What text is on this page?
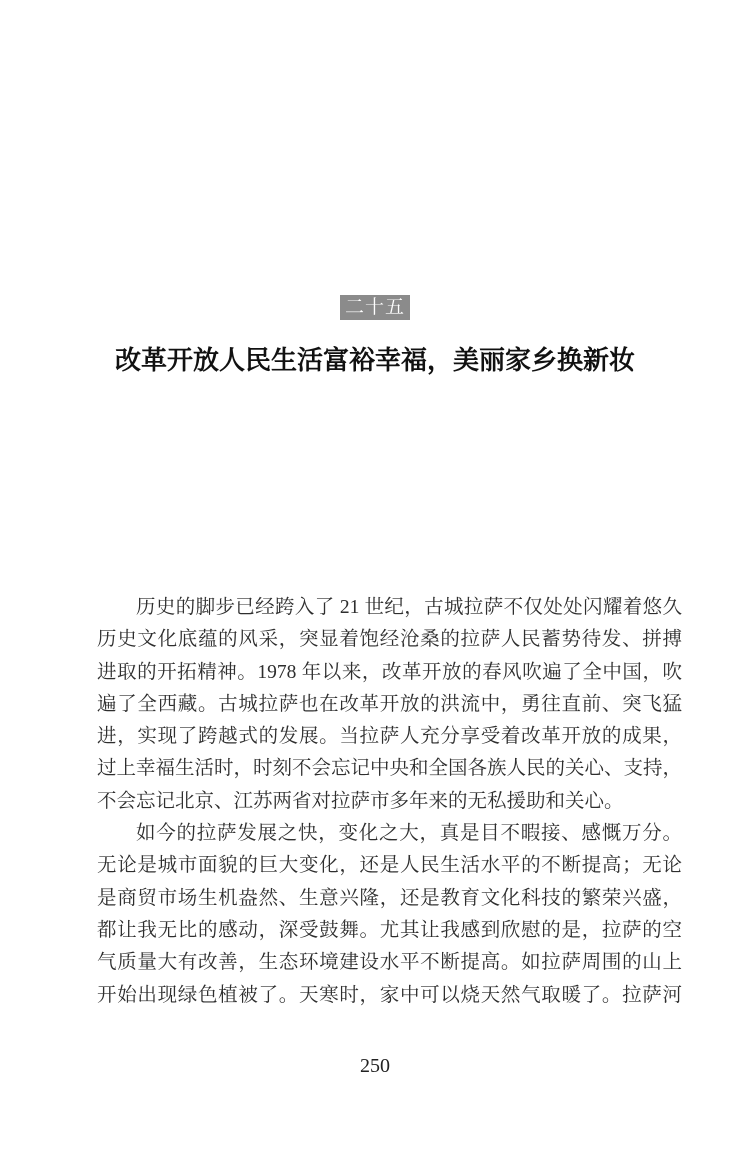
二十五
改革开放人民生活富裕幸福，美丽家乡换新妆
历史的脚步已经跨入了 21 世纪，古城拉萨不仅处处闪耀着悠久
历史文化底蕴的风采，突显着饱经沧桑的拉萨人民蓄势待发、拼搏
进取的开拓精神。1978 年以来，改革开放的春风吹遍了全中国，吹
遍了全西藏。古城拉萨也在改革开放的洪流中，勇往直前、突飞猛
进，实现了跨越式的发展。当拉萨人充分享受着改革开放的成果，
过上幸福生活时，时刻不会忘记中央和全国各族人民的关心、支持，
不会忘记北京、江苏两省对拉萨市多年来的无私援助和关心。
如今的拉萨发展之快，变化之大，真是目不暇接、感慨万分。
无论是城市面貌的巨大变化，还是人民生活水平的不断提高；无论
是商贸市场生机盎然、生意兴隆，还是教育文化科技的繁荣兴盛，
都让我无比的感动，深受鼓舞。尤其让我感到欣慰的是，拉萨的空
气质量大有改善，生态环境建设水平不断提高。如拉萨周围的山上
开始出现绿色植被了。天寒时，家中可以烧天然气取暖了。拉萨河
250
